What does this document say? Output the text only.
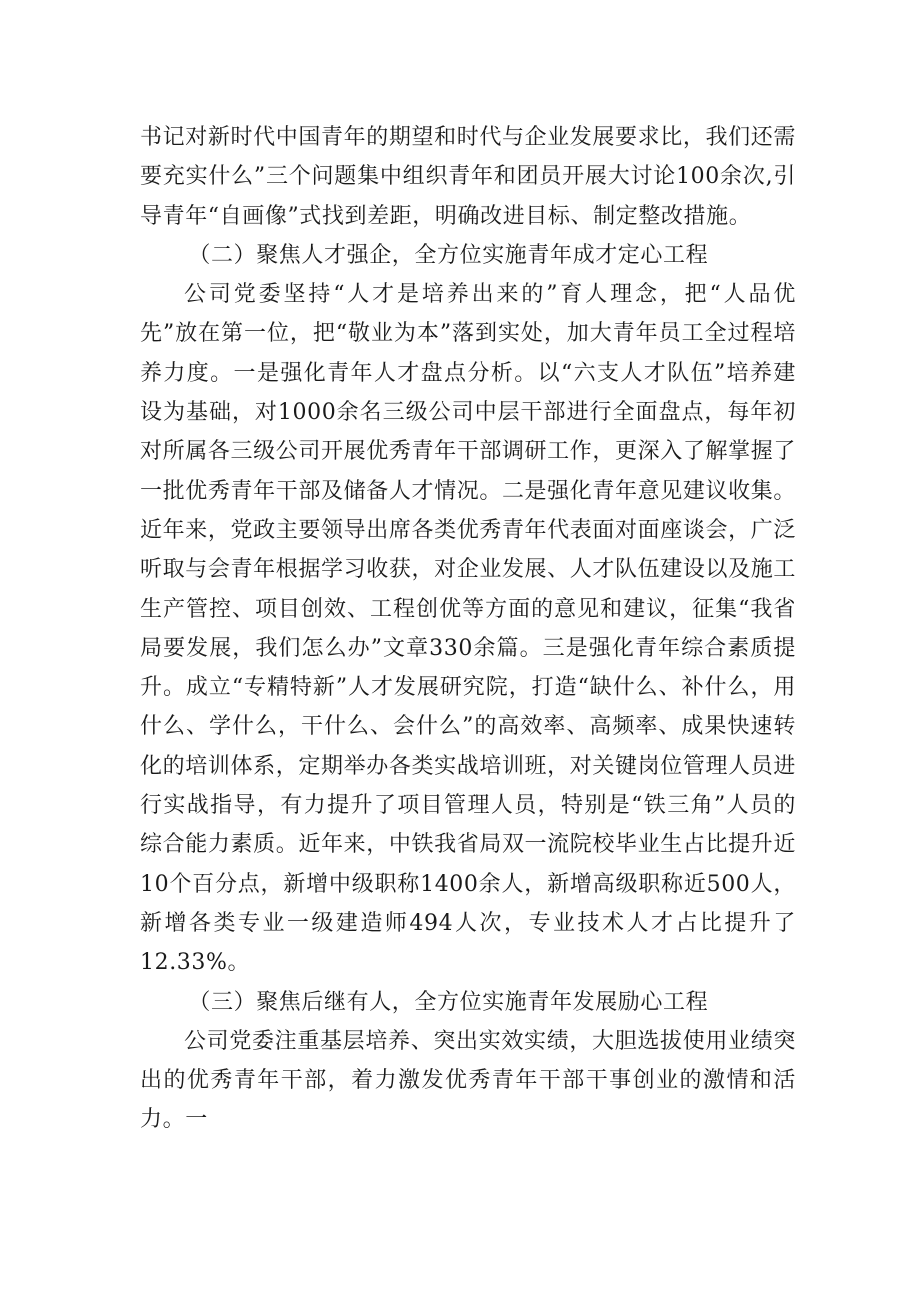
书记对新时代中国青年的期望和时代与企业发展要求比，我们还需要充实什么”三个问题集中组织青年和团员开展大讨论100余次,引导青年“自画像”式找到差距，明确改进目标、制定整改措施。

（二）聚焦人才强企，全方位实施青年成才定心工程

公司党委坚持“人才是培养出来的”育人理念，把“人品优先”放在第一位，把“敬业为本”落到实处，加大青年员工全过程培养力度。一是强化青年人才盘点分析。以“六支人才队伍”培养建设为基础，对1000余名三级公司中层干部进行全面盘点，每年初对所属各三级公司开展优秀青年干部调研工作，更深入了解掌握了一批优秀青年干部及储备人才情况。二是强化青年意见建议收集。近年来，党政主要领导出席各类优秀青年代表面对面座谈会，广泛听取与会青年根据学习收获，对企业发展、人才队伍建设以及施工生产管控、项目创效、工程创优等方面的意见和建议，征集“我省局要发展，我们怎么办”文章330余篇。三是强化青年综合素质提升。成立“专精特新”人才发展研究院，打造“缺什么、补什么，用什么、学什么，干什么、会什么”的高效率、高频率、成果快速转化的培训体系，定期举办各类实战培训班，对关键岗位管理人员进行实战指导，有力提升了项目管理人员，特别是“铁三角”人员的综合能力素质。近年来，中铁我省局双一流院校毕业生占比提升近10个百分点，新增中级职称1400余人，新增高级职称近500人，新增各类专业一级建造师494人次，专业技术人才占比提升了12.33%。

（三）聚焦后继有人，全方位实施青年发展励心工程

公司党委注重基层培养、突出实效实绩，大胆选拔使用业绩突出的优秀青年干部，着力激发优秀青年干部干事创业的激情和活力。一
